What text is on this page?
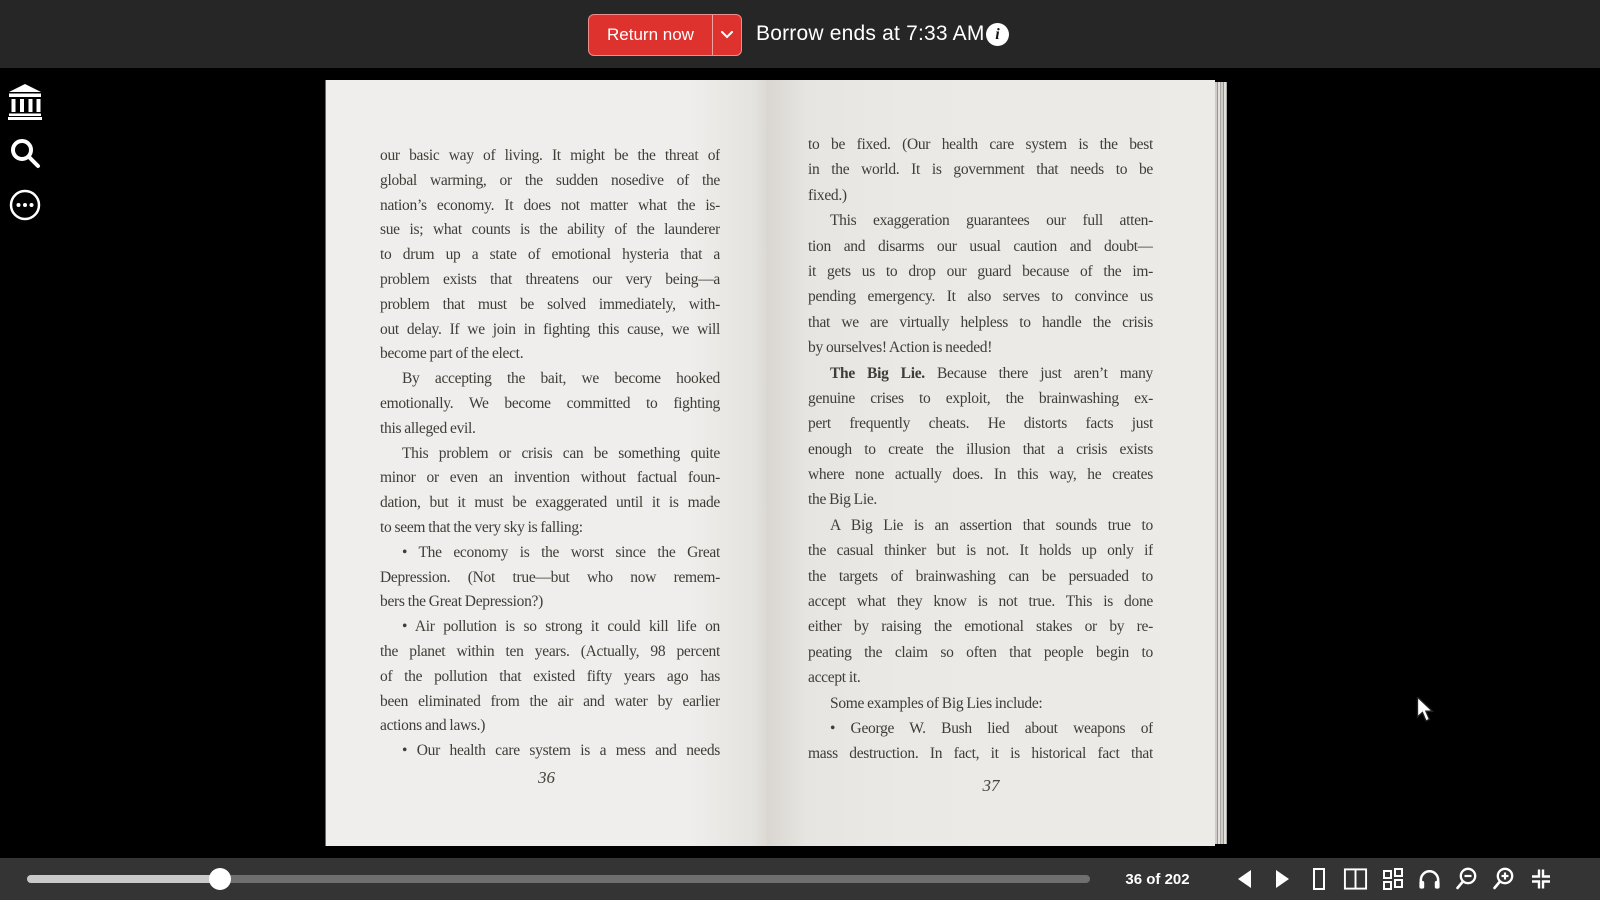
Return now	Borrow ends at 7:33 AM i
our basic way of living. It might be the threat of
global warming, or the sudden nosedive of the
nation’s economy. It does not matter what the is-
sue is; what counts is the ability of the launderer
to drum up a state of emotional hysteria that a
problem exists that threatens our very being—a
problem that must be solved immediately, with-
out delay. If we join in fighting this cause, we will
become part of the elect.
By accepting the bait, we become hooked
emotionally. We become committed to fighting
this alleged evil.
This problem or crisis can be something quite
minor or even an invention without factual foun-
dation, but it must be exaggerated until it is made
to seem that the very sky is falling:
• The economy is the worst since the Great
Depression. (Not true—but who now remem-
bers the Great Depression?)
• Air pollution is so strong it could kill life on
the planet within ten years. (Actually, 98 percent
of the pollution that existed fifty years ago has
been eliminated from the air and water by earlier
actions and laws.)
• Our health care system is a mess and needs
36
to be fixed. (Our health care system is the best
in the world. It is government that needs to be
fixed.)
This exaggeration guarantees our full atten-
tion and disarms our usual caution and doubt—
it gets us to drop our guard because of the im-
pending emergency. It also serves to convince us
that we are virtually helpless to handle the crisis
by ourselves! Action is needed!
The Big Lie. Because there just aren’t many
genuine crises to exploit, the brainwashing ex-
pert frequently cheats. He distorts facts just
enough to create the illusion that a crisis exists
where none actually does. In this way, he creates
the Big Lie.
A Big Lie is an assertion that sounds true to
the casual thinker but is not. It holds up only if
the targets of brainwashing can be persuaded to
accept what they know is not true. This is done
either by raising the emotional stakes or by re-
peating the claim so often that people begin to
accept it.
Some examples of Big Lies include:
• George W. Bush lied about weapons of
mass destruction. In fact, it is historical fact that
37
36 of 202
